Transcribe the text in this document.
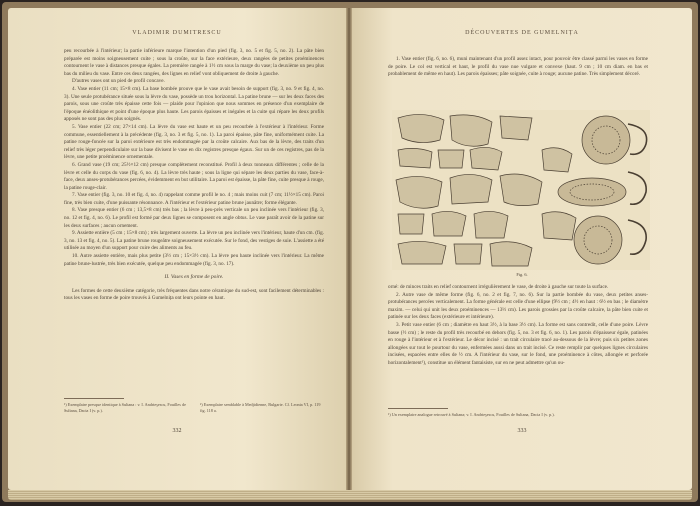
VLADIMIR DUMITRESCU

peu recourbée à l'intérieur; la partie inférieure marque l'intention d'un pied (fig. 3, no. 5 et fig. 5, no. 2). La pâte bien préparée est moins soigneusement cuite ; sous la croûte, sur la face extérieure, deux rangées de petites proéminences contournent le vase à distances presque égales. La première rangée à 1½ cm sous la marge du vase; la deuxième un peu plus bas du milieu du vase. Entre ces deux rangées, des lignes en relief vont obliquement de droite à gauche.

D'autres vases ont un pied de profil concave.

4. Vase entier (11 cm; 15×8 cm). La base bombée prouve que le vase avait besoin de support (fig. 3, no. 9 et fig. 4, no. 3). Une seule protubérance située sous la lèvre du vase, possède un trou horizontal. La patine brune — sur les deux faces des parois, sous une croûte très épaisse cette fois — plaide pour l'opinion que nous sommes en présence d'un exemplaire de l'époque énéolithique et point d'une époque plus haute. Les parois épaisses et inégales et la cuite qui répare les deux profils apposés ne sont pas des plus soignés.

5. Vase entier (22 cm; 27×14 cm). La lèvre du vase est haute et un peu recourbée à l'extérieur à l'intérieur. Forme commune, essentiellement à la précédente (fig. 3, no. 3 et fig. 5, no. 1). La paroi épaisse, pâte fine, uniformément cuite. La patine rouge-foncée sur la paroi extérieure est très endommagée par la croûte calcaire. Aux bas de la lèvre, des traits d'un relief très léger perpendiculaire sur la base divisent le vase en dix registres presque égaux. Sur un de ces registres, pas de la lèvre, une petite proéminence ornementale.

6. Grand vase (19 cm; 25½×12 cm) presque complètement reconstitué. Profil à deux tonneaux différentes ; celle de la lèvre et celle du corps du vase (fig. 6, no. 4). La lèvre très haute ; sous la ligne qui sépare les deux parties du vase, face-à-face, deux anses-protubérances percées, évidemment en but utilitaire. La paroi est épaisse, la pâte fine, cuite presque à rouge, la patine rouge-clair.

7. Vase entier (fig. 3, no. 10 et fig. 4, no. 4) rappelant comme profil le no. 4 ; mais moins cuit (7 cm; 11½×15 cm). Paroi fine, très bien cuite, d'une puissante résonnance. A l'intérieur et l'extérieur patine brune jaunâtre; forme élégante.

8. Vase presque entier (6 cm ; 13,5×8 cm) très bas ; la lèvre à peu-près verticale un peu inclinée vers l'intérieur (fig. 3, no. 12 et fig. 4, no. 6). Le profil est formé par deux lignes se composent en angle obtus. Le vase paraît avoir de la patine sur les deux surfaces ; aucun ornement.

9. Assiette entière (5 cm ; 15×8 cm) ; très largement ouverte. La lèvre un peu inclinée vers l'intérieur, haute d'un cm. (fig. 3, no. 13 et fig. 4, no. 5). La patine brune rougeâtre soigneusement exécutée. Sur le fond, des vestiges de suie. L'assiette a été utilisée au moyen d'un support pour cuire des aliments au feu.

10. Autre assiette entière, mais plus petite (3½ cm ; 15×3½ cm). La lèvre peu haute inclinée vers l'intérieur. La même patine brune-lustrée, très bien exécutée, quelque peu endommagée (fig. 3, no. 17).

II. Vases en forme de poire.

Les formes de cette deuxième catégorie, très fréquentes dans notre céramique du sud-est, sont facilement déterminables : tous les vases en forme de poire trouvés à Gumelnița ont leurs pointe en haut.

¹) Exemplaire presque identique à Sultana : v. I. Andrieşescu, Fouilles de Sultana, Dacia I (v. p.).
²) Exemplaire semblable à Medjidienne, Bulgarie. Cf. Leonia VI, p. 119 fig. 118 a.
332
DÉCOUVERTES DE GUMELNIȚA

1. Vase entier (fig. 6, no. 6), muni maintenant d'un profil assez intact, pour pouvoir être classé parmi les vases en forme de poire. Le col est vertical et haut, le profil du vase nue vulgare et convexe (haut. 9 cm ; 10 cm diam. en bas et probablement de même en haut). Les parois épaisses; pâte soignée, cuite à rouge; aucune patine. Très simplement décoré.

Fig. 6.

orné: de minces traits en relief contournent irrégulièrement le vase, de droite à gauche sur toute la surface.

2. Autre vase de même forme (fig. 6, no. 2 et fig. 7, no. 6). Sur la partie bombée du vase, deux petites anses-protubérances percées verticalement. La forme générale est celle d'une ellipse (9½ cm ; 4½ en haut : 6½ en bas ; le diamètre maxim. — celui qui unit les deux proéminences — 13½ cm). Les parois grossies par la croûte calcaire, la pâte bien cuite et patinée sur les deux faces (extérieure et intérieure).

3. Petit vase entier (6 cm ; diamètre en haut 3½, à la base 3½ cm). La forme est sans contredit, celle d'une poire. Lèvre basse (½ cm) ; le reste du profil très recourbé en dehors (fig. 5, no. 3 et fig. 6, no. 1). Les parois d'épaisseur égale, patinées en rouge à l'intérieur et à l'extérieur. Le décor incisé : un trait circulaire tracé au-dessous de la lèvre; puis six petites zones allongées sur tout le pourtour du vase, enfermées aussi dans un trait incisé. Ce reste remplir par quelques lignes circulaires incisées, espacées entre elles de ½ cm. A l'intérieur du vase, sur le fond, une proéminence à côtes, allongée et perforée horizontalement¹), constitue un élément fantaisiste, sur en ne peut admettre qu'un ou-

¹) Un exemplaire analogue retrouvé à Sultana; v. I. Andrieşescu, Fouilles de Sultana, Dacia I (v. p.).
333
